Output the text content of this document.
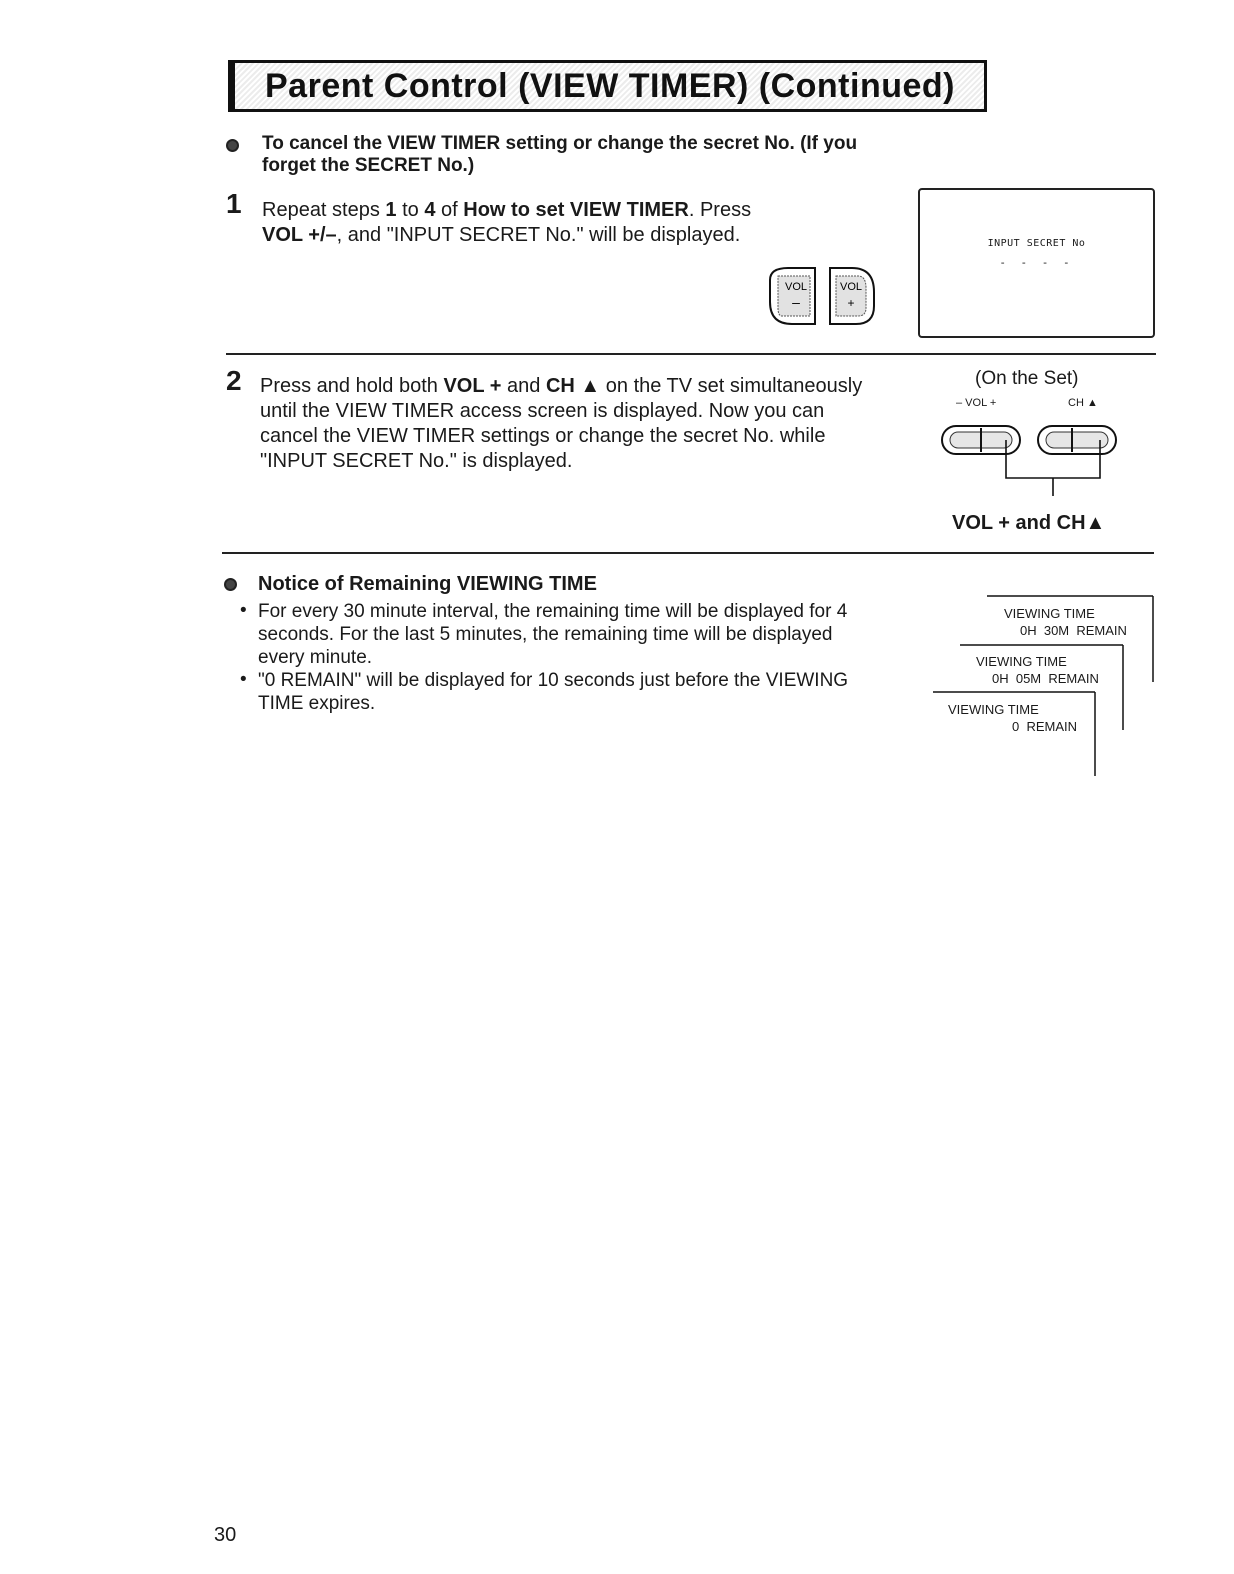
Parent Control (VIEW TIMER) (Continued)
To cancel the VIEW TIMER setting or change the secret No. (If you
forget the SECRET No.)
1 Repeat steps 1 to 4 of How to set VIEW TIMER. Press
VOL +/–, and "INPUT SECRET No." will be displayed.
VOL
–
VOL
+
INPUT SECRET No
- - - -
2 Press and hold both VOL + and CH ▲ on the TV set simultaneously
until the VIEW TIMER access screen is displayed. Now you can
cancel the VIEW TIMER settings or change the secret No. while
"INPUT SECRET No." is displayed.
(On the Set)
– VOL +	CH ▲
VOL + and CH▲
Notice of Remaining VIEWING TIME
• For every 30 minute interval, the remaining time will be displayed for 4
seconds. For the last 5 minutes, the remaining time will be displayed
every minute.
• "0 REMAIN" will be displayed for 10 seconds just before the VIEWING
TIME expires.
VIEWING TIME
0H  30M  REMAIN
VIEWING TIME
0H  05M  REMAIN
VIEWING TIME
0  REMAIN
30
